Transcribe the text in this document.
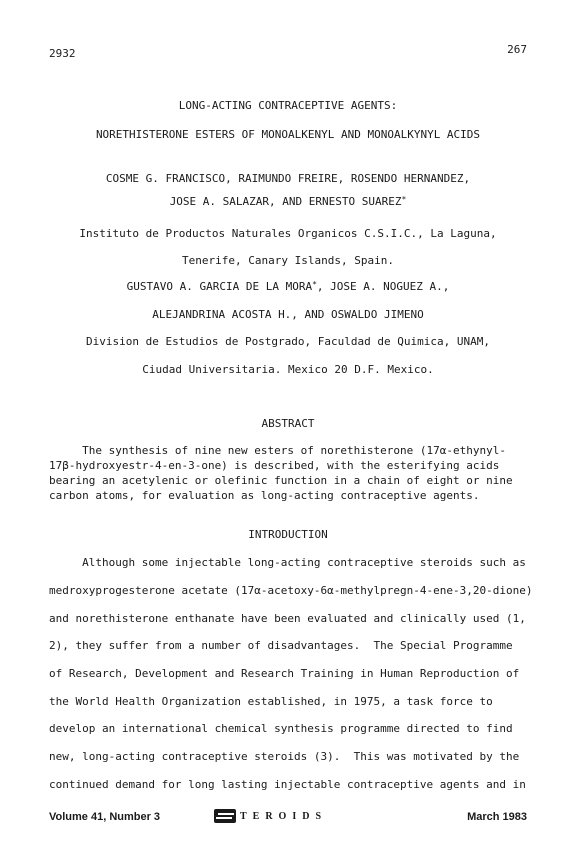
2932	267
LONG-ACTING CONTRACEPTIVE AGENTS:
NORETHISTERONE ESTERS OF MONOALKENYL AND MONOALKYNYL ACIDS
COSME G. FRANCISCO, RAIMUNDO FREIRE, ROSENDO HERNANDEZ,
JOSE A. SALAZAR, AND ERNESTO SUAREZ*
Instituto de Productos Naturales Organicos C.S.I.C., La Laguna,
Tenerife, Canary Islands, Spain.
GUSTAVO A. GARCIA DE LA MORA*, JOSE A. NOGUEZ A.,
ALEJANDRINA ACOSTA H., AND OSWALDO JIMENO
Division de Estudios de Postgrado, Faculdad de Quimica, UNAM,
Ciudad Universitaria. Mexico 20 D.F. Mexico.
ABSTRACT
The synthesis of nine new esters of norethisterone (17α-ethynyl-
17β-hydroxyestr-4-en-3-one) is described, with the esterifying acids
bearing an acetylenic or olefinic function in a chain of eight or nine
carbon atoms, for evaluation as long-acting contraceptive agents.
INTRODUCTION
Although some injectable long-acting contraceptive steroids such as
medroxyprogesterone acetate (17α-acetoxy-6α-methylpregn-4-ene-3,20-dione)
and norethisterone enthanate have been evaluated and clinically used (1,
2), they suffer from a number of disadvantages.  The Special Programme
of Research, Development and Research Training in Human Reproduction of
the World Health Organization established, in 1975, a task force to
develop an international chemical synthesis programme directed to find
new, long-acting contraceptive steroids (3).  This was motivated by the
continued demand for long lasting injectable contraceptive agents and in
Volume 41, Number 3	TEROIDS	March 1983
